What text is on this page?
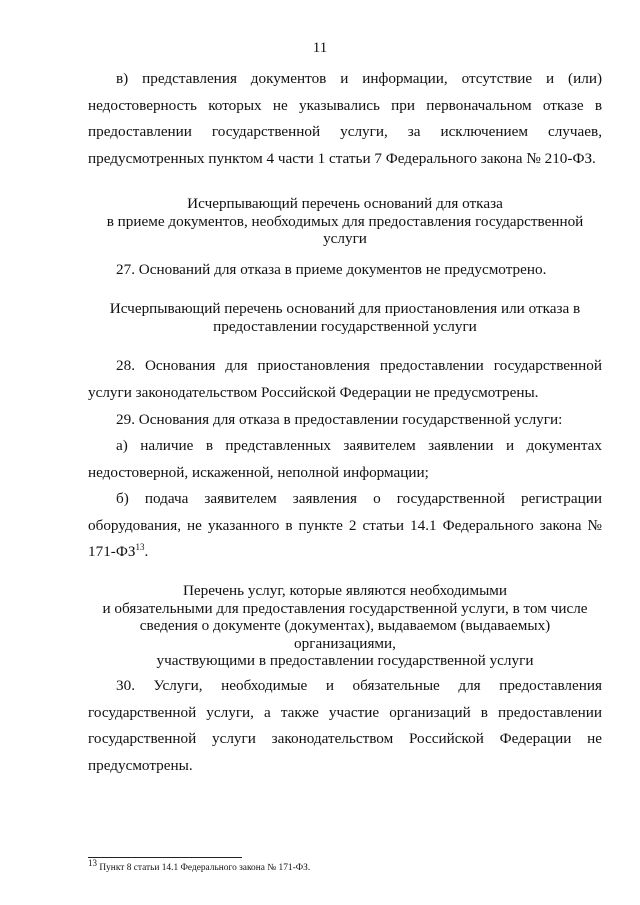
11
в) представления документов и информации, отсутствие и (или) недостоверность которых не указывались при первоначальном отказе в предоставлении государственной услуги, за исключением случаев, предусмотренных пунктом 4 части 1 статьи 7 Федерального закона № 210-ФЗ.
Исчерпывающий перечень оснований для отказа
в приеме документов, необходимых для предоставления государственной
услуги
27. Оснований для отказа в приеме документов не предусмотрено.
Исчерпывающий перечень оснований для приостановления или отказа в
предоставлении государственной услуги
28. Основания для приостановления предоставлении государственной услуги законодательством Российской Федерации не предусмотрены.
29. Основания для отказа в предоставлении государственной услуги:
а) наличие в представленных заявителем заявлении и документах недостоверной, искаженной, неполной информации;
б) подача заявителем заявления о государственной регистрации оборудования, не указанного в пункте 2 статьи 14.1 Федерального закона № 171-ФЗ$^{13}$.
Перечень услуг, которые являются необходимыми
и обязательными для предоставления государственной услуги, в том числе
сведения о документе (документах), выдаваемом (выдаваемых) организациями,
участвующими в предоставлении государственной услуги
30. Услуги, необходимые и обязательные для предоставления государственной услуги, а также участие организаций в предоставлении государственной услуги законодательством Российской Федерации не предусмотрены.
$^{13}$ Пункт 8 статьи 14.1 Федерального закона № 171-ФЗ.
